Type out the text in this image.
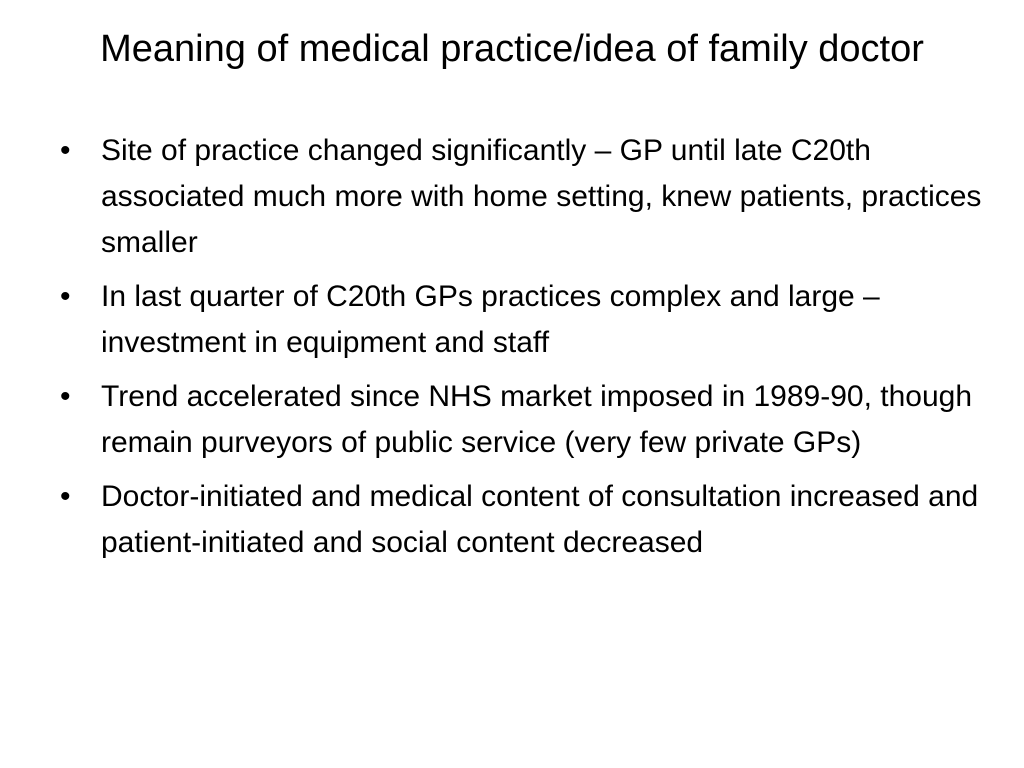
Meaning of medical practice/idea of family doctor
•	Site of practice changed significantly – GP until late C20th associated much more with home setting, knew patients, practices smaller
•	In last quarter of C20th GPs practices complex and large – investment in equipment and staff
•	Trend accelerated since NHS market imposed in 1989-90, though remain purveyors of public service (very few private GPs)
•	Doctor-initiated and medical content of consultation increased and patient-initiated and social content decreased
